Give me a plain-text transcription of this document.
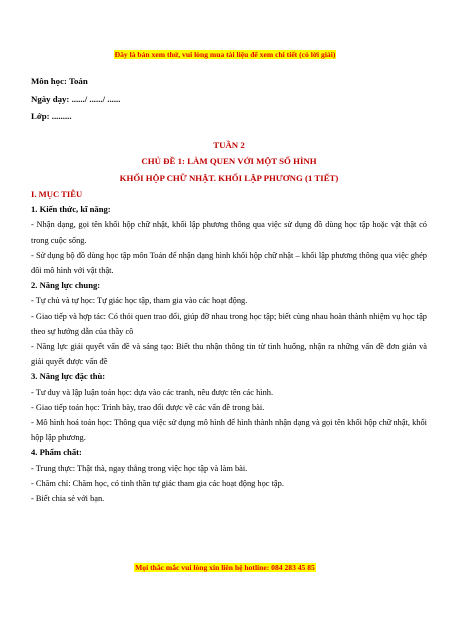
Đây là bản xem thử, vui lòng mua tài liệu để xem chi tiết (có lời giải)

Môn học: Toán

Ngày dạy: ....../ ....../ ......

Lớp: .........

TUẦN 2

CHỦ ĐỀ 1: LÀM QUEN VỚI MỘT SỐ HÌNH

KHỐI HỘP CHỮ NHẬT. KHỐI LẬP PHƯƠNG (1 TIẾT)

I. MỤC TIÊU

1. Kiến thức, kĩ năng:

- Nhận dạng, gọi tên khối hộp chữ nhật, khối lập phương thông qua việc sử dụng đồ dùng học tập hoặc vật thật có trong cuộc sống.

- Sử dụng bộ đồ dùng học tập môn Toán để nhận dạng hình khối hộp chữ nhật – khối lập phương thông qua việc ghép đôi mô hình với vật thật.

2. Năng lực chung:

- Tự chủ và tự học: Tự giác học tập, tham gia vào các hoạt động.

- Giao tiếp và hợp tác: Có thói quen trao đổi, giúp đỡ nhau trong học tập; biết cùng nhau hoàn thành nhiệm vụ học tập theo sự hướng dẫn của thầy cô

- Năng lực giải quyết vấn đề và sáng tạo: Biết thu nhận thông tin từ tình huống, nhận ra những vấn đề đơn giản và giải quyết được vấn đề

3. Năng lực đặc thù:

- Tư duy và lập luận toán học: dựa vào các tranh, nêu được tên các hình.

- Giao tiếp toán học: Trình bày, trao đổi được về các vấn đề trong bài.

- Mô hình hoá toán học: Thông qua việc sử dụng mô hình để hình thành nhận dạng và gọi tên khối hộp chữ nhật, khối hộp lập phương.

4. Phẩm chất:

- Trung thực: Thật thà, ngay thẳng trong việc học tập và làm bài.

- Chăm chỉ: Chăm học, có tinh thần tự giác tham gia các hoạt động học tập.

- Biết chia sẻ với bạn.

Mọi thắc mắc vui lòng xin liên hệ hotline: 084 283 45 85
